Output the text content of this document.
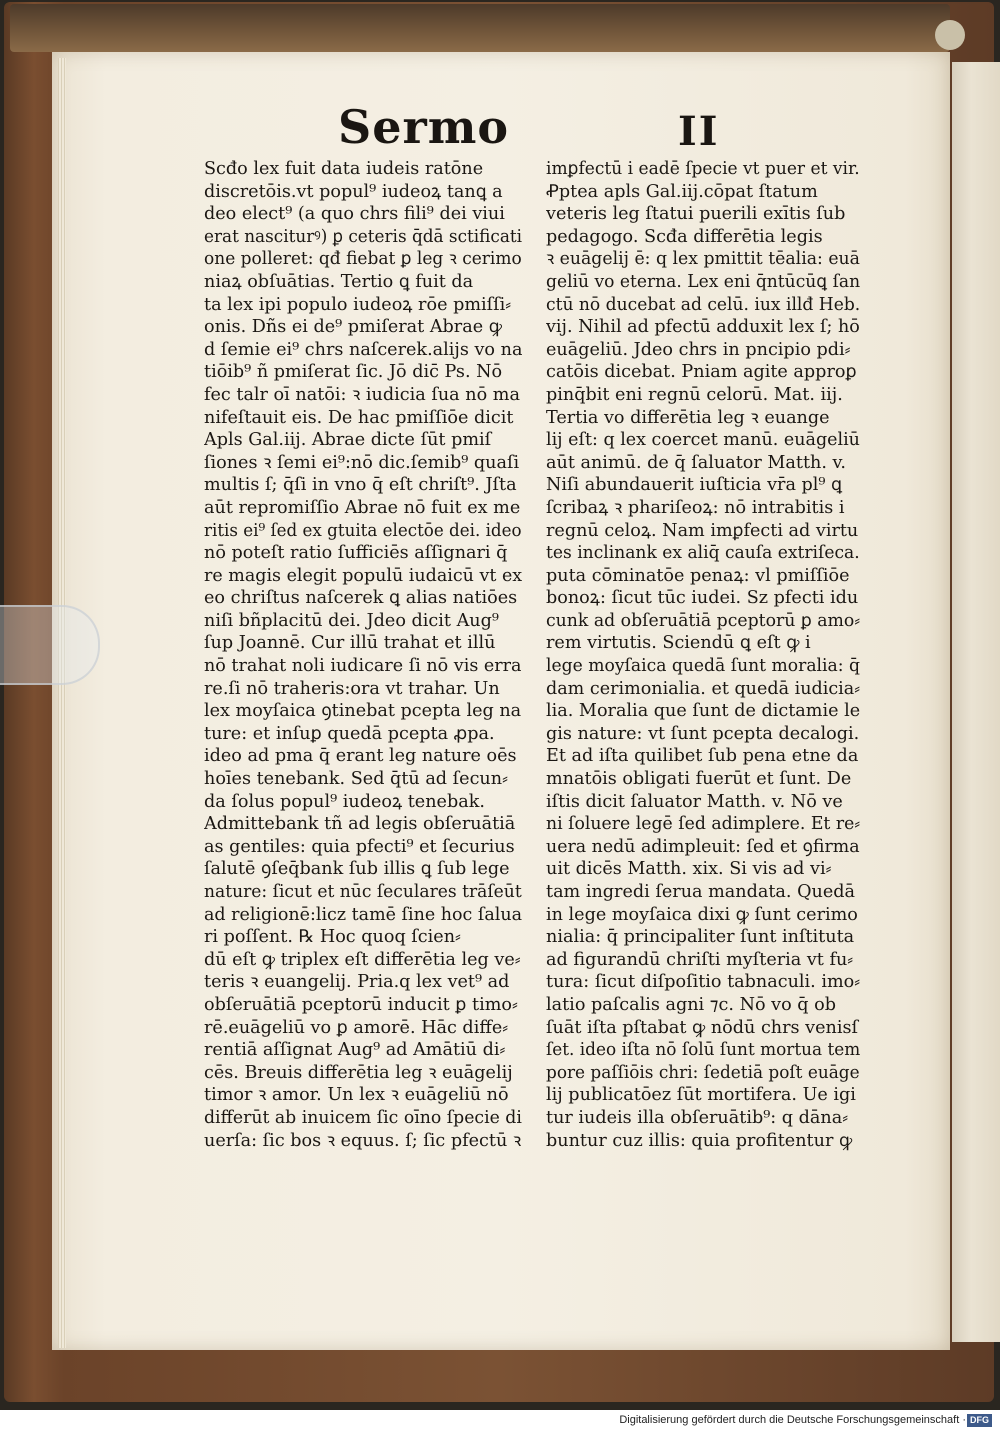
Sermo	II
Scđo lex fuit data iudeis ratōne
discretōis.vt popul⁹ iudeoꝝ tanꝗ a
deo elect⁹ (a quo chrs fili⁹ dei viui
erat nasciturꝰ) ꝑ ceteris q̄dā sctificati
one polleret: qđ fiebat ꝑ leg ꝛ cerimo
niaꝝ obſuātias. Tertio ꝗ fuit da
ta lex ipi populo iudeoꝝ rōe pmiſſi⸗
onis. Dñs ei de⁹ pmiſerat Abrae ꝙ
d ſemie ei⁹ chrs naſcerek.alijs vo na
tiōib⁹ ñ pmiſerat ſic. Jō dic̄ Ps. Nō
fec talr oī natōi: ꝛ iudicia ſua nō ma
nifeſtauit eis. De hac pmiſſiōe dicit
Apls Gal.iij. Abrae dicte ſūt pmiſ
ſiones ꝛ ſemi ei⁹:nō dic.ſemib⁹ quaſi
multis ſ; q̄ſi in vno q̄ eſt chriſt⁹. Jſta
aūt repromiſſio Abrae nō fuit ex me
ritis ei⁹ ſed ex gtuita electōe dei. ideo
nō poteſt ratio ſufficiēs aſſignari q̄
re magis elegit populū iudaicū vt ex
eo chriſtus naſcerek ꝗ alias natiōes
niſi bñplacitū dei. Jdeo dicit Aug⁹
ſup Joannē. Cur illū trahat et illū
nō trahat noli iudicare ſi nō vis erra
re.ſi nō traheris:ora vt trahar. Un
lex moyſaica ꝯtinebat pcepta leg na
ture: et inſuꝑ quedā pcepta ꝓpa.
ideo ad pma q̄ erant leg nature oēs
hoīes tenebank. Sed q̄tū ad ſecun⸗
da ſolus popul⁹ iudeoꝝ tenebak.
Admittebank tñ ad legis obſeruātiā
as gentiles: quia pfecti⁹ et ſecurius
ſalutē ꝯſeq̄bank ſub illis ꝗ ſub lege
nature: ſicut et nūc ſeculares trāſeūt
ad religionē:licz tamē ſine hoc ſalua
ri poſſent. ℞ Hoc quoq ſcien⸗
dū eſt ꝙ triplex eſt differētia leg ve⸗
teris ꝛ euangelij. Pria.q lex vet⁹ ad
obſeruātiā pceptorū inducit ꝑ timo⸗
rē.euāgeliū vo ꝑ amorē. Hāc diffe⸗
rentiā aſſignat Aug⁹ ad Amātiū di⸗
cēs. Breuis differētia leg ꝛ euāgelij
timor ꝛ amor. Un lex ꝛ euāgeliū nō
differūt ab inuicem ſic oīno ſpecie di
uerſa: ſic bos ꝛ equus. ſ; ſic pfectū ꝛ
imꝑfectū i eadē ſpecie vt puer et vir.
Ꝓpt̄ea apls Gal.iij.cōpat ſtatum
veteris leg ſtatui puerili exītis ſub
pedagogo. Scđa differētia legis
ꝛ euāgelij ē: q lex pmittit tēalia: euā
geliū vo eterna. Lex eni q̄ntūcūꝗ ſan
ctū nō ducebat ad celū. iux illđ Heb.
vij. Nihil ad pfectū adduxit lex ſ; hō
euāgeliū. Jdeo chrs in pncipio pdi⸗
catōis dicebat. Pniam agite approꝑ
pinq̄bit eni regnū celorū. Mat. iij.
Tertia vo differētia leg ꝛ euange
lij eſt: q lex coercet manū. euāgeliū
aūt animū. de q̄ ſaluator Matth. v.
Niſi abundauerit iuſticia vr̄a pl⁹ ꝗ
ſcribaꝝ ꝛ phariſeoꝝ: nō intrabitis i
regnū celoꝝ. Nam imꝑfecti ad virtu
tes inclinank ex aliq̄ cauſa extriſeca.
puta cōminatōe penaꝝ: vl pmiſſiōe
bonoꝝ: ſicut tūc iudei. Sz pfecti idu
cunk ad obſeruātiā pceptorū ꝑ amo⸗
rem virtutis. Sciendū ꝗ eſt ꝙ i
lege moyſaica quedā ſunt moralia: q̄
dam cerimonialia. et quedā iudicia⸗
lia. Moralia que ſunt de dictamie le
gis nature: vt ſunt pcepta decalogi.
Et ad iſta quilibet ſub pena etne da
mnatōis obligati fuerūt et ſunt. De
iſtis dicit ſaluator Matth. v. Nō ve
ni ſoluere legē ſed adimplere. Et re⸗
uera nedū adimpleuit: ſed et ꝯfirma
uit dicēs Matth. xix. Si vis ad vi⸗
tam ingredi ſerua mandata. Quedā
in lege moyſaica dixi ꝙ ſunt cerimo
nialia: q̄ principaliter ſunt inſtituta
ad figurandū chriſti myſteria vt fu⸗
tura: ſicut diſpoſitio tabnaculi. imo⸗
latio paſcalis agni ⁊c. Nō vo q̄ ob
ſuāt iſta pſtabat ꝙ nōdū chrs venisſ
ſet. ideo iſta nō ſolū ſunt mortua tem
pore paſſiōis chri: ſedetiā poſt euāge
lij publicatōez ſūt mortifera. Ue igi
tur iudeis illa obſeruātib⁹: q dāna⸗
buntur cuz illis: quia profitentur ꝙ
Digitalisierung gefördert durch die Deutsche Forschungsgemeinschaft · DFG
